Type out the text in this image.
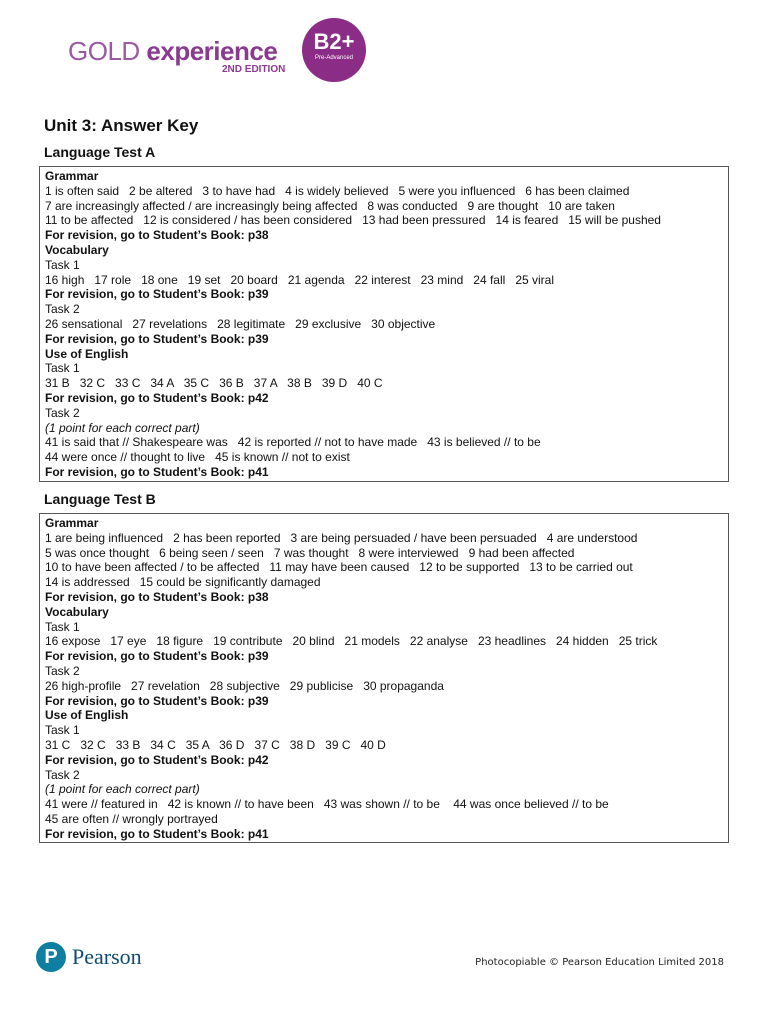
GOLD experience
2ND EDITION
B2+
Pre-Advanced
Unit 3: Answer Key
Language Test A
Grammar
1 is often said   2 be altered   3 to have had   4 is widely believed   5 were you influenced   6 has been claimed
7 are increasingly affected / are increasingly being affected   8 was conducted   9 are thought   10 are taken
11 to be affected   12 is considered / has been considered   13 had been pressured   14 is feared   15 will be pushed
For revision, go to Student’s Book: p38
Vocabulary
Task 1
16 high   17 role   18 one   19 set   20 board   21 agenda   22 interest   23 mind   24 fall   25 viral
For revision, go to Student’s Book: p39
Task 2
26 sensational   27 revelations   28 legitimate   29 exclusive   30 objective
For revision, go to Student’s Book: p39
Use of English
Task 1
31 B   32 C   33 C   34 A   35 C   36 B   37 A   38 B   39 D   40 C
For revision, go to Student’s Book: p42
Task 2
(1 point for each correct part)
41 is said that // Shakespeare was   42 is reported // not to have made   43 is believed // to be
44 were once // thought to live   45 is known // not to exist
For revision, go to Student’s Book: p41
Language Test B
Grammar
1 are being influenced   2 has been reported   3 are being persuaded / have been persuaded   4 are understood
5 was once thought   6 being seen / seen   7 was thought   8 were interviewed   9 had been affected
10 to have been affected / to be affected   11 may have been caused   12 to be supported   13 to be carried out
14 is addressed   15 could be significantly damaged
For revision, go to Student’s Book: p38
Vocabulary
Task 1
16 expose   17 eye   18 figure   19 contribute   20 blind   21 models   22 analyse   23 headlines   24 hidden   25 trick
For revision, go to Student’s Book: p39
Task 2
26 high-profile   27 revelation   28 subjective   29 publicise   30 propaganda
For revision, go to Student’s Book: p39
Use of English
Task 1
31 C   32 C   33 B   34 C   35 A   36 D   37 C   38 D   39 C   40 D
For revision, go to Student’s Book: p42
Task 2
(1 point for each correct part)
41 were // featured in   42 is known // to have been   43 was shown // to be    44 was once believed // to be
45 are often // wrongly portrayed
For revision, go to Student’s Book: p41
P Pearson	Photocopiable © Pearson Education Limited 2018
